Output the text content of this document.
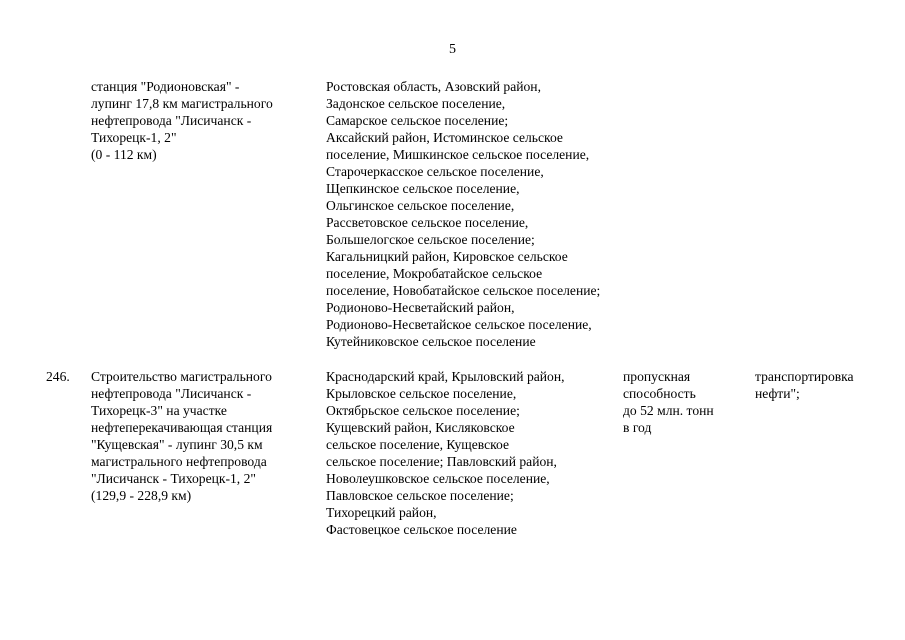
5
станция "Родионовская" -
лупинг 17,8 км магистрального
нефтепровода "Лисичанск -
Тихорецк-1, 2"
(0 - 112 км)
Ростовская область, Азовский район,
Задонское сельское поселение,
Самарское сельское поселение;
Аксайский район, Истоминское сельское
поселение, Мишкинское сельское поселение,
Старочеркасское сельское поселение,
Щепкинское сельское поселение,
Ольгинское сельское поселение,
Рассветовское сельское поселение,
Большелогское сельское поселение;
Кагальницкий район, Кировское сельское
поселение, Мокробатайское сельское
поселение, Новобатайское сельское поселение;
Родионово-Несветайский район,
Родионово-Несветайское сельское поселение,
Кутейниковское сельское поселение
246.	Строительство магистрального
нефтепровода "Лисичанск -
Тихорецк-3" на участке
нефтеперекачивающая станция
"Кущевская" - лупинг 30,5 км
магистрального нефтепровода
"Лисичанск - Тихорецк-1, 2"
(129,9 - 228,9 км)
Краснодарский край, Крыловский район,
Крыловское сельское поселение,
Октябрьское сельское поселение;
Кущевский район, Кисляковское
сельское поселение, Кущевское
сельское поселение; Павловский район,
Новолеушковское сельское поселение,
Павловское сельское поселение;
Тихорецкий район,
Фастовецкое сельское поселение
пропускная
способность
до 52 млн. тонн
в год
транспортировка
нефти";
